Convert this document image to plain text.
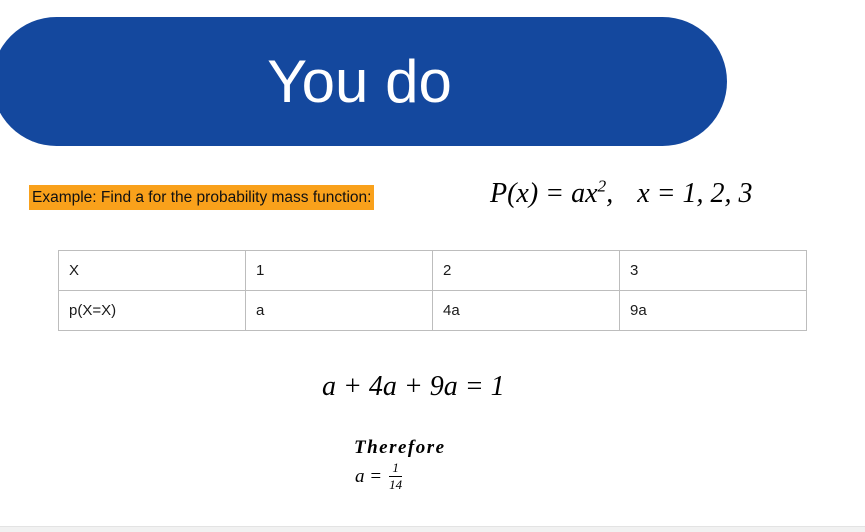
You do
Example: Find a for the probability mass function:	$P(x) = ax^2$, x = 1, 2, 3
X	1	2	3
p(X=X)	a	4a	9a
a + 4a + 9a = 1
Therefore
$a = \frac{1}{14}$
